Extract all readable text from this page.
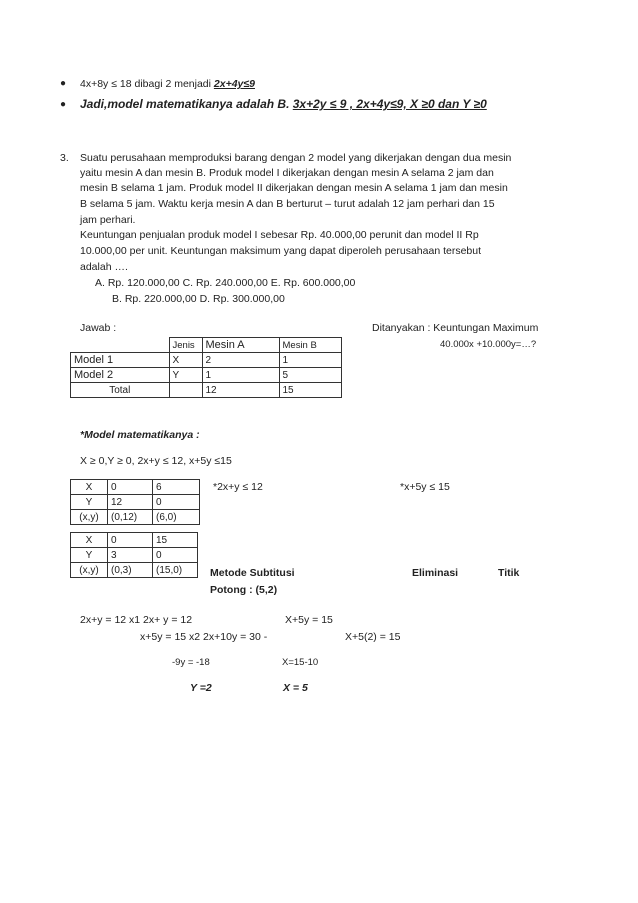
● 4x+8y ≤ 18 dibagi 2 menjadi 2x+4y≤9
● Jadi,model matematikanya adalah B. 3x+2y ≤ 9 , 2x+4y≤9, X ≥0 dan Y ≥0
3. Suatu perusahaan memproduksi barang dengan 2 model yang dikerjakan dengan dua mesin
yaitu mesin A dan mesin B. Produk model I dikerjakan dengan mesin A selama 2 jam dan
mesin B selama 1 jam. Produk model II dikerjakan dengan mesin A selama 1 jam dan mesin
B selama 5 jam. Waktu kerja mesin A dan B berturut – turut adalah 12 jam perhari dan 15
jam perhari.
Keuntungan penjualan produk model I sebesar Rp. 40.000,00 perunit dan model II Rp
10.000,00 per unit. Keuntungan maksimum yang dapat diperoleh perusahaan tersebut
adalah ….
A. Rp. 120.000,00 C. Rp. 240.000,00 E. Rp. 600.000,00
B. Rp. 220.000,00 D. Rp. 300.000,00
Jawab :	Ditanyakan : Keuntungan Maximum
40.000x +10.000y=…?
	Jenis	Mesin A	Mesin B
Model 1	X	2	1
Model 2	Y	1	5
Total		12	15
*Model matematikanya :
X ≥ 0,Y ≥ 0, 2x+y ≤ 12, x+5y ≤15
X	0	6
Y	12	0
(x,y)	(0,12)	(6,0)
*2x+y ≤ 12	*x+5y ≤ 15
X	0	15
Y	3	0
(x,y)	(0,3)	(15,0)	Metode Subtitusi	Eliminasi	Titik
Potong : (5,2)
2x+y = 12 x1 2x+ y = 12	X+5y = 15
x+5y = 15 x2 2x+10y = 30 -	X+5(2) = 15
-9y = -18	X=15-10
Y =2	X = 5
